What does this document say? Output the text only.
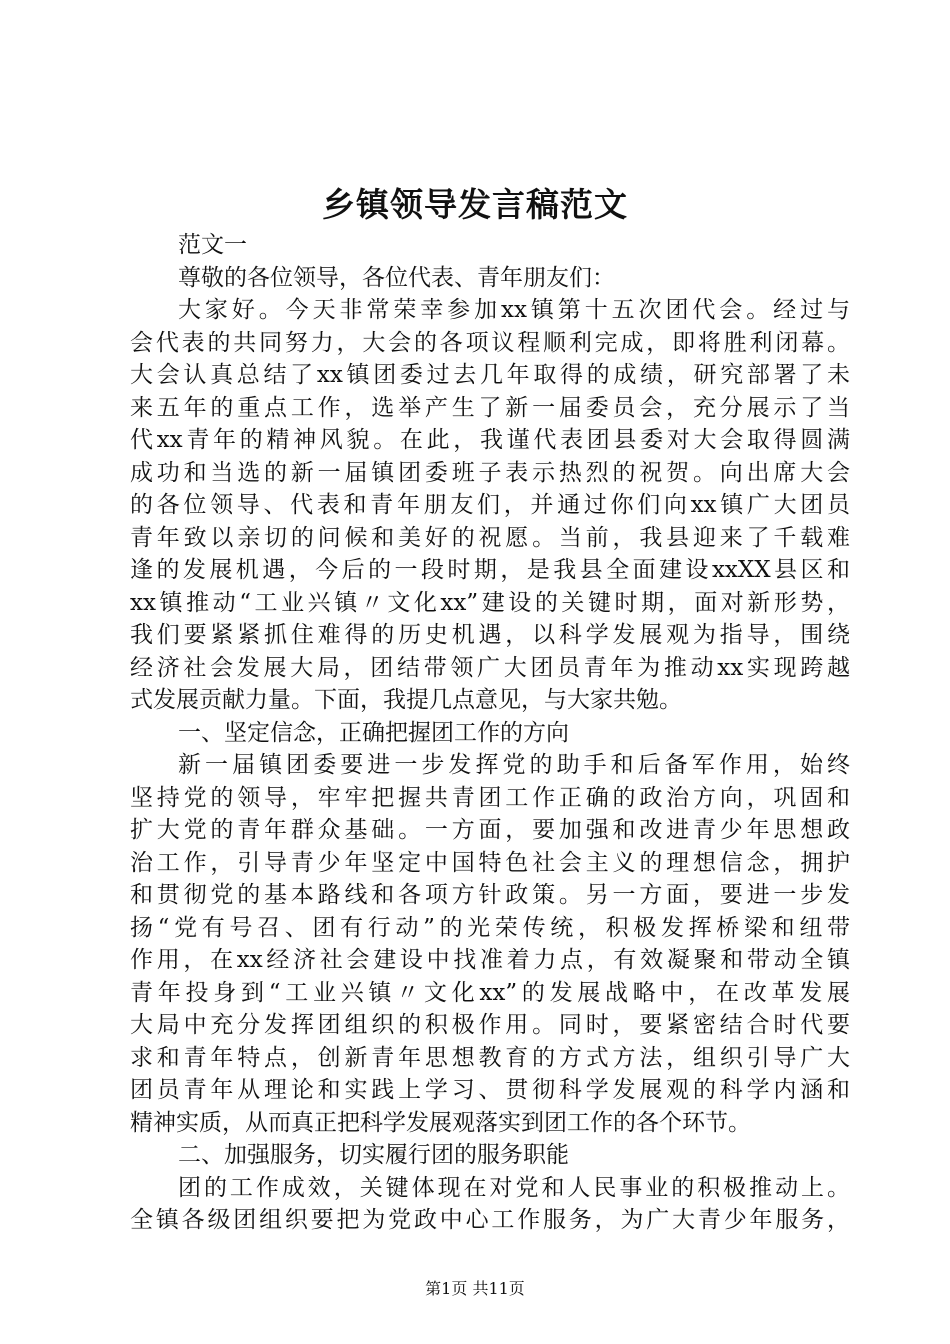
乡镇领导发言稿范文
范文一
尊敬的各位领导，各位代表、青年朋友们：
大家好。今天非常荣幸参加xx镇第十五次团代会。经过与
会代表的共同努力，大会的各项议程顺利完成，即将胜利闭幕。
大会认真总结了xx镇团委过去几年取得的成绩，研究部署了未
来五年的重点工作，选举产生了新一届委员会，充分展示了当
代xx青年的精神风貌。在此，我谨代表团县委对大会取得圆满
成功和当选的新一届镇团委班子表示热烈的祝贺。向出席大会
的各位领导、代表和青年朋友们，并通过你们向xx镇广大团员
青年致以亲切的问候和美好的祝愿。当前，我县迎来了千载难
逢的发展机遇，今后的一段时期，是我县全面建设xxXX县区和
xx镇推动“工业兴镇〃文化xx”建设的关键时期，面对新形势，
我们要紧紧抓住难得的历史机遇，以科学发展观为指导，围绕
经济社会发展大局，团结带领广大团员青年为推动xx实现跨越
式发展贡献力量。下面，我提几点意见，与大家共勉。
一、坚定信念，正确把握团工作的方向
新一届镇团委要进一步发挥党的助手和后备军作用，始终
坚持党的领导，牢牢把握共青团工作正确的政治方向，巩固和
扩大党的青年群众基础。一方面，要加强和改进青少年思想政
治工作，引导青少年坚定中国特色社会主义的理想信念，拥护
和贯彻党的基本路线和各项方针政策。另一方面，要进一步发
扬“党有号召、团有行动”的光荣传统，积极发挥桥梁和纽带
作用，在xx经济社会建设中找准着力点，有效凝聚和带动全镇
青年投身到“工业兴镇〃文化xx”的发展战略中，在改革发展
大局中充分发挥团组织的积极作用。同时，要紧密结合时代要
求和青年特点，创新青年思想教育的方式方法，组织引导广大
团员青年从理论和实践上学习、贯彻科学发展观的科学内涵和
精神实质，从而真正把科学发展观落实到团工作的各个环节。
二、加强服务，切实履行团的服务职能
团的工作成效，关键体现在对党和人民事业的积极推动上。
全镇各级团组织要把为党政中心工作服务，为广大青少年服务，
第1页 共11页
